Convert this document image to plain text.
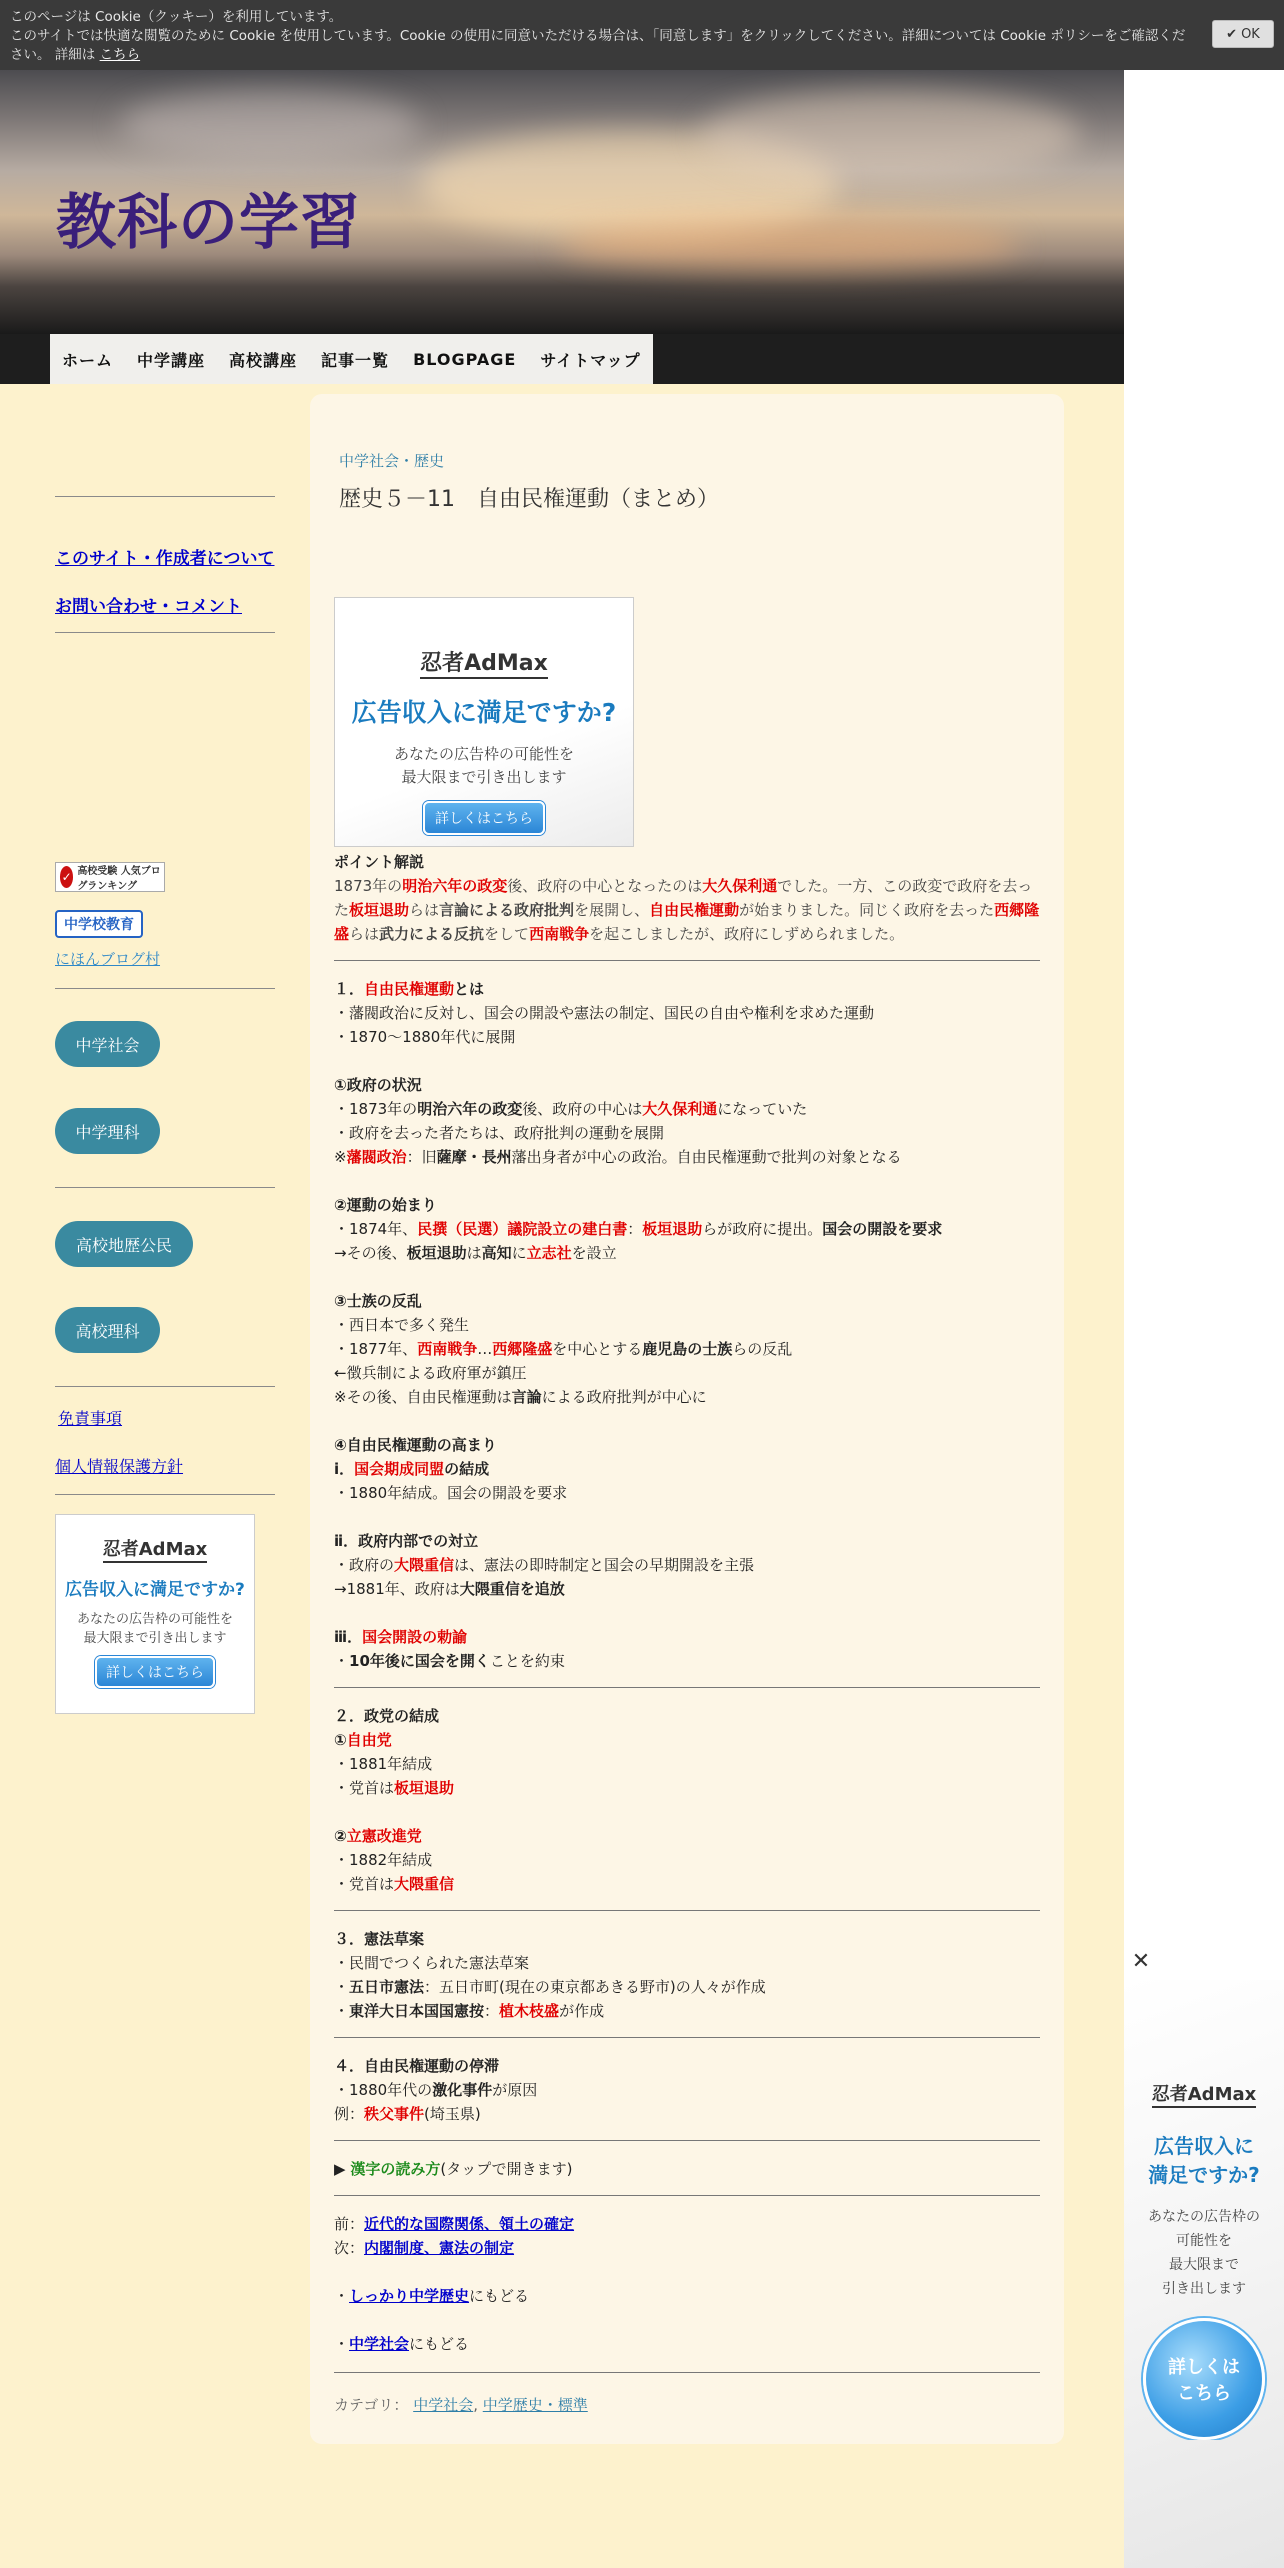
このページは Cookie（クッキー）を利用しています。
このサイトでは快適な閲覧のために Cookie を使用しています。Cookie の使用に同意いただける場合は、「同意します」をクリックしてください。詳細については Cookie ポリシーをご確認ください。 詳細は こちら
✔ OK
教科の学習
ホーム	中学講座	高校講座	記事一覧	BLOGPAGE	サイトマップ
このサイト・作成者について
お問い合わせ・コメント
✓ 高校受験 人気ブログランキング
中学校教育
にほんブログ村
中学社会
中学理科
高校地歴公民
高校理科
免責事項
個人情報保護方針
忍者AdMax
広告収入に満足ですか?
あなたの広告枠の可能性を
最大限まで引き出します
詳しくはこちら
中学社会・歴史
歴史５－11　自由民権運動（まとめ）
忍者AdMax
広告収入に満足ですか?
あなたの広告枠の可能性を
最大限まで引き出します
詳しくはこちら
ポイント解説

1873年の明治六年の政変後、政府の中心となったのは大久保利通でした。一方、この政変で政府を去った板垣退助らは言論による政府批判を展開し、自由民権運動が始まりました。同じく政府を去った西郷隆盛らは武力による反抗をして西南戦争を起こしましたが、政府にしずめられました。

１．自由民権運動とは
・藩閥政治に反対し、国会の開設や憲法の制定、国民の自由や権利を求めた運動
・1870～1880年代に展開
①政府の状況
・1873年の明治六年の政変後、政府の中心は大久保利通になっていた
・政府を去った者たちは、政府批判の運動を展開
※藩閥政治：旧薩摩・長州藩出身者が中心の政治。自由民権運動で批判の対象となる
②運動の始まり
・1874年、民撰（民選）議院設立の建白書：板垣退助らが政府に提出。国会の開設を要求
→その後、板垣退助は高知に立志社を設立
③士族の反乱
・西日本で多く発生
・1877年、西南戦争…西郷隆盛を中心とする鹿児島の士族らの反乱
←徴兵制による政府軍が鎮圧
※その後、自由民権運動は言論による政府批判が中心に
④自由民権運動の高まり
ⅰ．国会期成同盟の結成
・1880年結成。国会の開設を要求
ⅱ．政府内部での対立
・政府の大隈重信は、憲法の即時制定と国会の早期開設を主張
→1881年、政府は大隈重信を追放
ⅲ．国会開設の勅諭
・10年後に国会を開くことを約束
２．政党の結成
①自由党
・1881年結成
・党首は板垣退助
②立憲改進党
・1882年結成
・党首は大隈重信
３．憲法草案
・民間でつくられた憲法草案
・五日市憲法：五日市町(現在の東京都あきる野市)の人々が作成
・東洋大日本国国憲按：植木枝盛が作成
４．自由民権運動の停滞
・1880年代の激化事件が原因
例：秩父事件(埼玉県)
▶ 漢字の読み方(タップで開きます)
前：近代的な国際関係、領土の確定
次：内閣制度、憲法の制定
・しっかり中学歴史にもどる
・中学社会にもどる
カテゴリ： 中学社会, 中学歴史・標準
✕
忍者AdMax
広告収入に
満足ですか?
あなたの広告枠の
可能性を
最大限まで
引き出します
詳しくは
こちら
